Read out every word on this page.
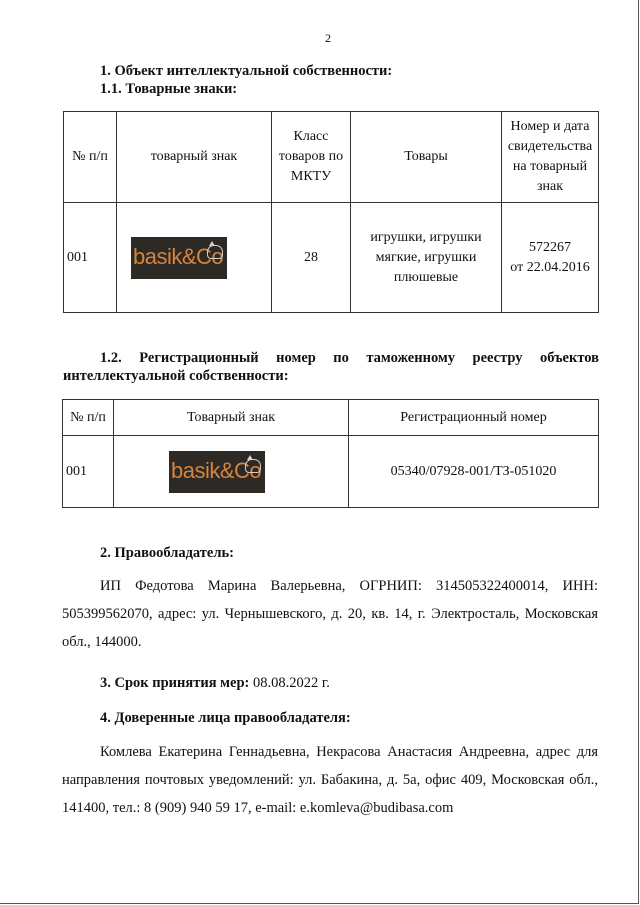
2
1. Объект интеллектуальной собственности:
1.1. Товарные знаки:
№ п/п	товарный знак	Класс товаров по МКТУ	Товары	Номер и дата свидетельства на товарный знак
001	basik&Co	28	игрушки, игрушки мягкие, игрушки плюшевые	572267
от 22.04.2016
1.2. Регистрационный номер по таможенному реестру объектов
интеллектуальной собственности:
№ п/п	Товарный знак	Регистрационный номер
001	basik&Co	05340/07928-001/ТЗ-051020
2. Правообладатель:
ИП Федотова Марина Валерьевна, ОГРНИП: 314505322400014, ИНН: 505399562070, адрес: ул. Чернышевского, д. 20, кв. 14, г. Электросталь, Московская обл., 144000.
3. Срок принятия мер: 08.08.2022 г.
4. Доверенные лица правообладателя:
Комлева Екатерина Геннадьевна, Некрасова Анастасия Андреевна, адрес для направления почтовых уведомлений: ул. Бабакина, д. 5а, офис 409, Московская обл., 141400, тел.: 8 (909) 940 59 17, e-mail: e.komleva@budibasa.com
